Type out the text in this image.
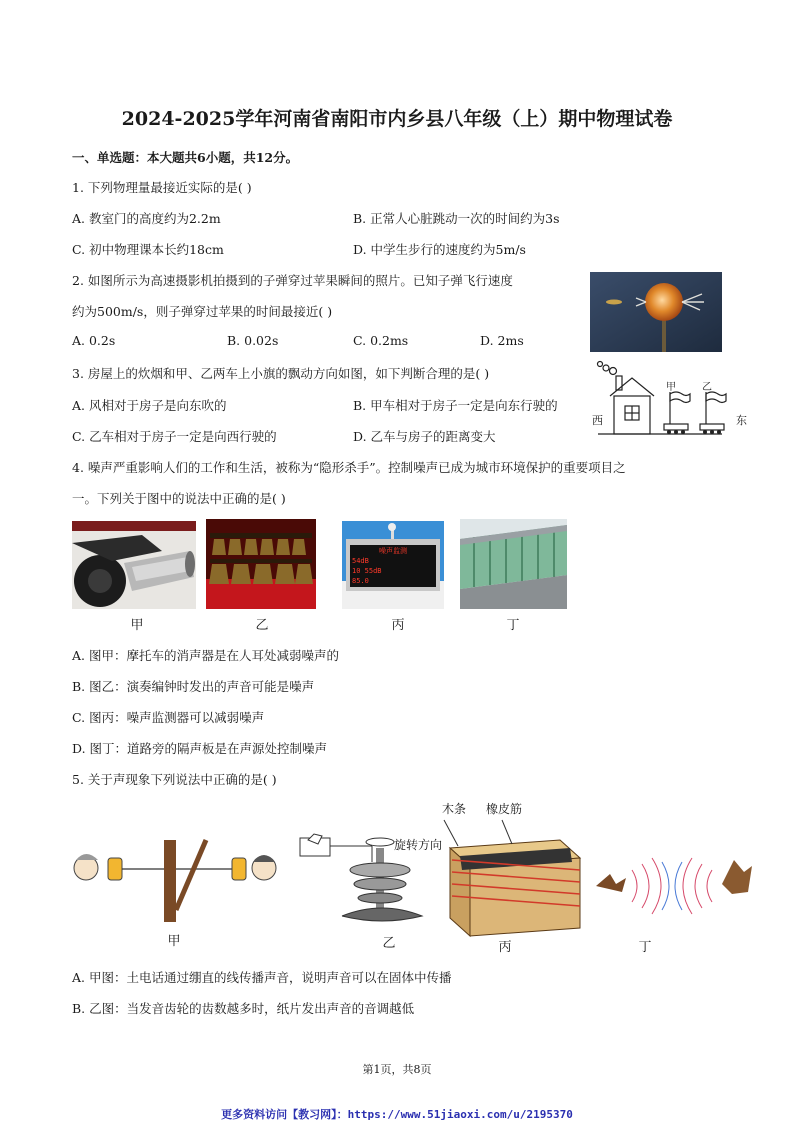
2024-2025学年河南省南阳市内乡县八年级（上）期中物理试卷
一、单选题：本大题共6小题，共12分。
1. 下列物理量最接近实际的是( )
A. 教室门的高度约为2.2m	B. 正常人心脏跳动一次的时间约为3s
C. 初中物理课本长约18cm	D. 中学生步行的速度约为5m/s
2. 如图所示为高速摄影机拍摄到的子弹穿过苹果瞬间的照片。已知子弹飞行速度
约为500m/s，则子弹穿过苹果的时间最接近( )
A. 0.2s	B. 0.02s	C. 0.2ms	D. 2ms
3. 房屋上的炊烟和甲、乙两车上小旗的飘动方向如图，如下判断合理的是( )
A. 风相对于房子是向东吹的	B. 甲车相对于房子一定是向东行驶的
C. 乙车相对于房子一定是向西行驶的	D. 乙车与房子的距离变大
西	东
甲	乙
4. 噪声严重影响人们的工作和生活，被称为“隐形杀手”。控制噪声已成为城市环境保护的重要项目之
一。下列关于图中的说法中正确的是( )
噪声监测
54dB
10 55dB
85.0
甲	乙	丙	丁
A. 图甲：摩托车的消声器是在人耳处减弱噪声的
B. 图乙：演奏编钟时发出的声音可能是噪声
C. 图丙：噪声监测器可以减弱噪声
D. 图丁：道路旁的隔声板是在声源处控制噪声
5. 关于声现象下列说法中正确的是( )
木条 橡皮筋
旋转方向
甲	乙	丙	丁
A. 甲图：土电话通过绷直的线传播声音，说明声音可以在固体中传播
B. 乙图：当发音齿轮的齿数越多时，纸片发出声音的音调越低
第1页，共8页
更多资料访问【教习网】：https://www.51jiaoxi.com/u/2195370
